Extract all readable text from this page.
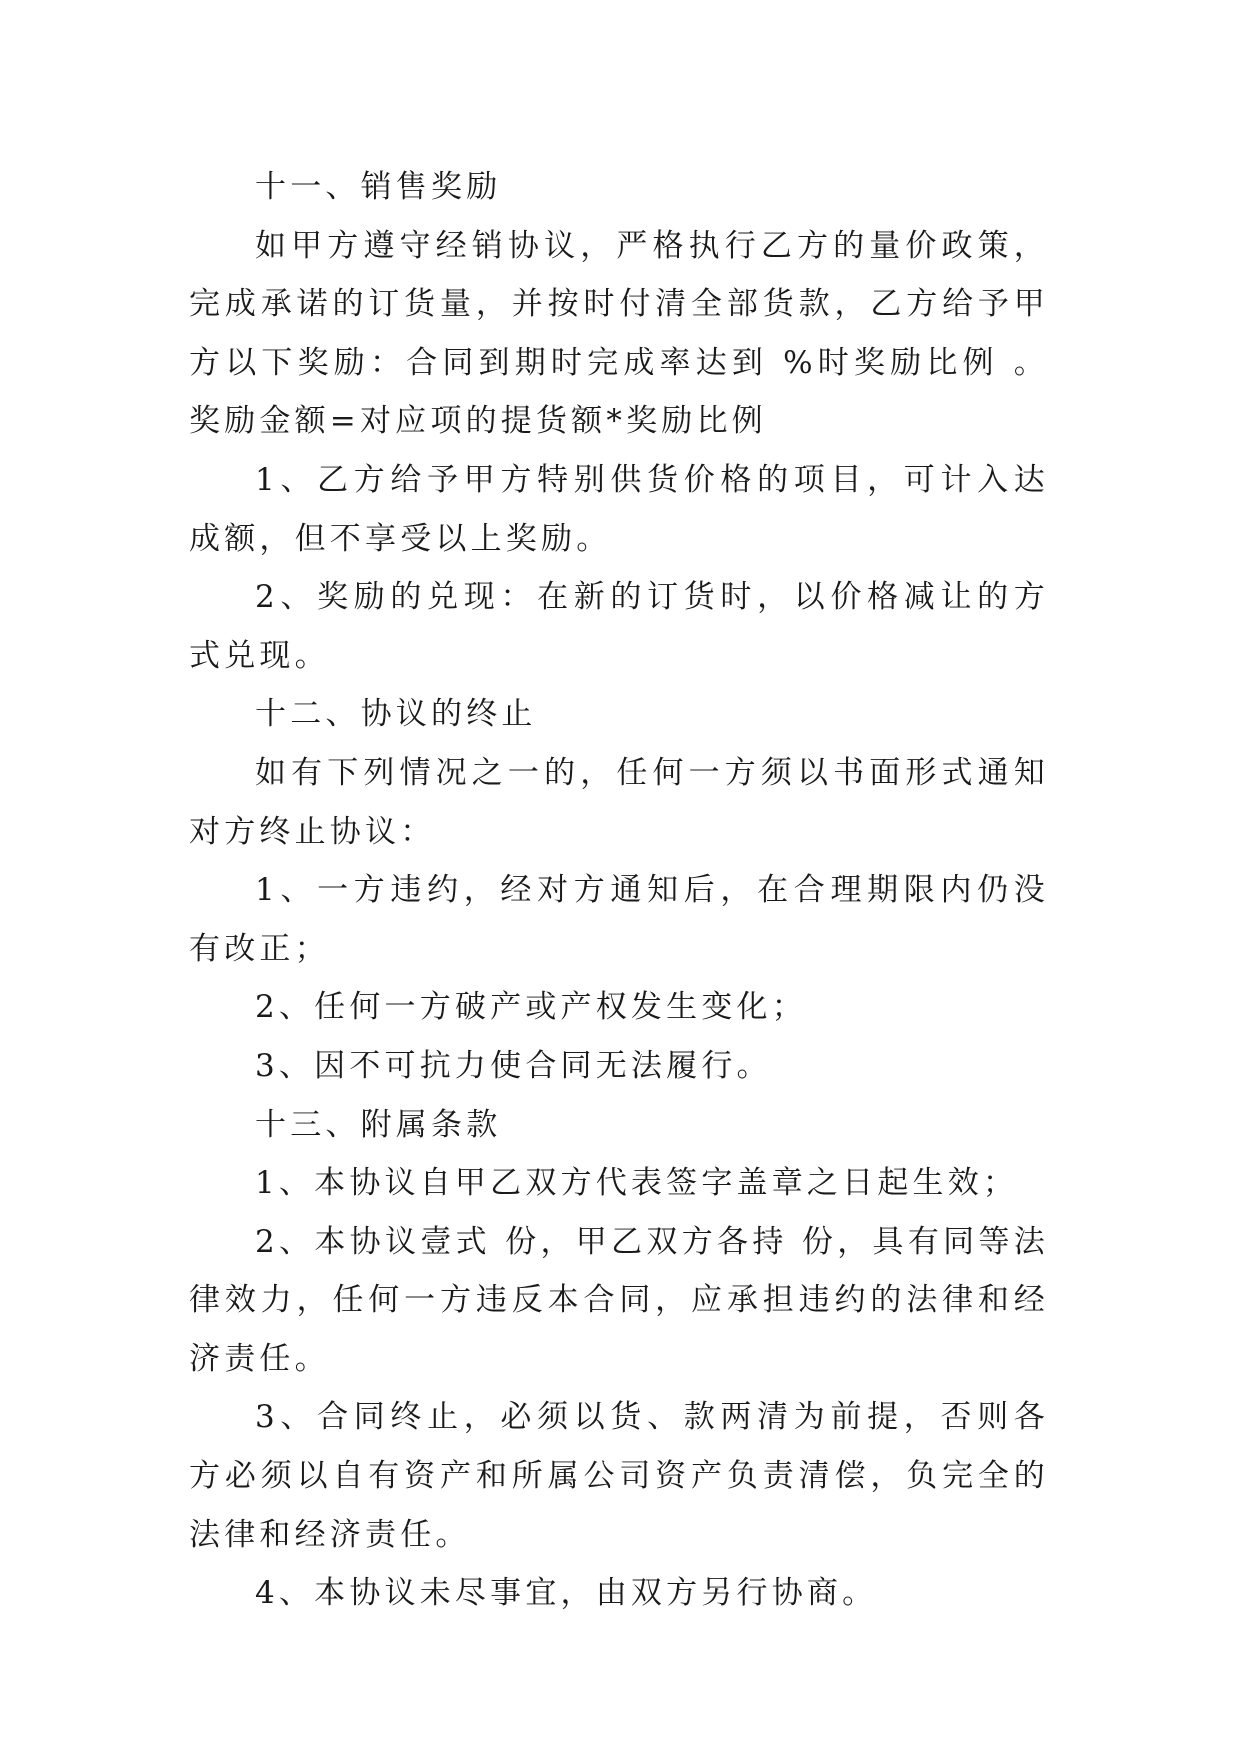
十一、销售奖励

如甲方遵守经销协议，严格执行乙方的量价政策，完成承诺的订货量，并按时付清全部货款，乙方给予甲方以下奖励：合同到期时完成率达到 %时奖励比例 。奖励金额=对应项的提货额*奖励比例

1、乙方给予甲方特别供货价格的项目，可计入达成额，但不享受以上奖励。

2、奖励的兑现：在新的订货时，以价格减让的方式兑现。

十二、协议的终止

如有下列情况之一的，任何一方须以书面形式通知对方终止协议：

1、一方违约，经对方通知后，在合理期限内仍没有改正；

2、任何一方破产或产权发生变化；

3、因不可抗力使合同无法履行。

十三、附属条款

1、本协议自甲乙双方代表签字盖章之日起生效；

2、本协议壹式 份，甲乙双方各持 份，具有同等法律效力，任何一方违反本合同，应承担违约的法律和经济责任。

3、合同终止，必须以货、款两清为前提，否则各方必须以自有资产和所属公司资产负责清偿，负完全的法律和经济责任。

4、本协议未尽事宜，由双方另行协商。
